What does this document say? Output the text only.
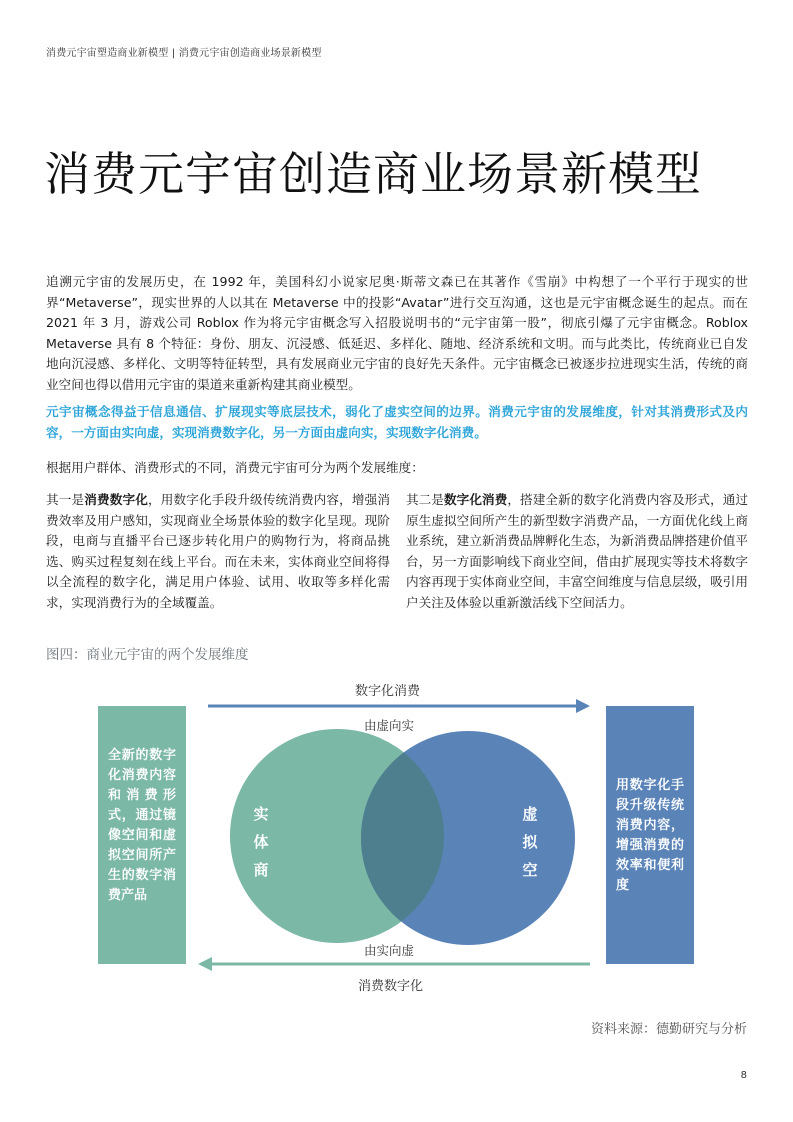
消费元宇宙塑造商业新模型 | 消费元宇宙创造商业场景新模型
消费元宇宙创造商业场景新模型

追溯元宇宙的发展历史，在 1992 年，美国科幻小说家尼奥·斯蒂文森已在其著作《雪崩》中构想了一个平行于现实的世界“Metaverse”，现实世界的人以其在 Metaverse 中的投影“Avatar”进行交互沟通，这也是元宇宙概念诞生的起点。而在 2021 年 3 月，游戏公司 Roblox 作为将元宇宙概念写入招股说明书的“元宇宙第一股”，彻底引爆了元宇宙概念。Roblox Metaverse 具有 8 个特征：身份、朋友、沉浸感、低延迟、多样化、随地、经济系统和文明。而与此类比，传统商业已自发地向沉浸感、多样化、文明等特征转型，具有发展商业元宇宙的良好先天条件。元宇宙概念已被逐步拉进现实生活，传统的商业空间也得以借用元宇宙的渠道来重新构建其商业模型。

元宇宙概念得益于信息通信、扩展现实等底层技术，弱化了虚实空间的边界。消费元宇宙的发展维度，针对其消费形式及内容，一方面由实向虚，实现消费数字化，另一方面由虚向实，实现数字化消费。

根据用户群体、消费形式的不同，消费元宇宙可分为两个发展维度：

其一是消费数字化，用数字化手段升级传统消费内容，增强消费效率及用户感知，实现商业全场景体验的数字化呈现。现阶段，电商与直播平台已逐步转化用户的购物行为，将商品挑选、购买过程复刻在线上平台。而在未来，实体商业空间将得以全流程的数字化，满足用户体验、试用、收取等多样化需求，实现消费行为的全域覆盖。
其二是数字化消费，搭建全新的数字化消费内容及形式，通过原生虚拟空间所产生的新型数字消费产品，一方面优化线上商业系统，建立新消费品牌孵化生态，为新消费品牌搭建价值平台，另一方面影响线下商业空间，借由扩展现实等技术将数字内容再现于实体商业空间，丰富空间维度与信息层级，吸引用户关注及体验以重新激活线下空间活力。
图四：商业元宇宙的两个发展维度
数字化消费
全新的数字化消费内容和消费形式，通过镜像空间和虚拟空间所产生的数字消费产品
用数字化手段升级传统消费内容，增强消费的效率和便利度
由虚向实
实体商
虚拟空
由实向虚
消费数字化
资料来源：德勤研究与分析
8
